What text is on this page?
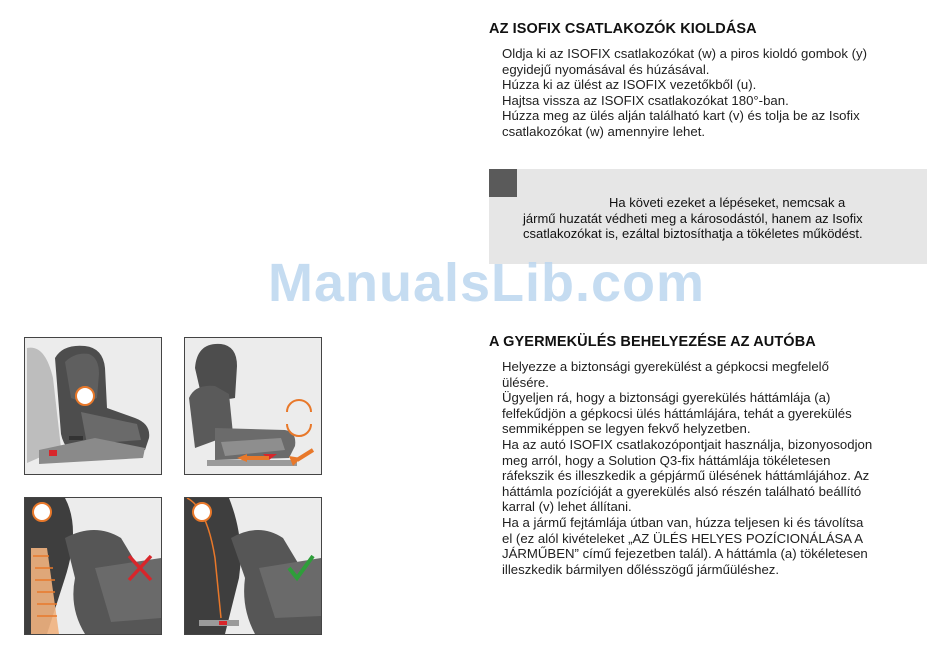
AZ ISOFIX CSATLAKOZÓK KIOLDÁSA

Oldja ki az ISOFIX csatlakozókat (w) a piros kioldó gombok (y)

egyidejű nyomásával és húzásával.

Húzza ki az ülést az ISOFIX vezetőkből (u).

Hajtsa vissza az ISOFIX csatlakozókat 180°-ban.

Húzza meg az ülés alján található kart (v) és tolja be az Isofix

csatlakozókat (w) amennyire lehet.

Ha követi ezeket a lépéseket, nemcsak a
jármű huzatát védheti meg a károsodástól, hanem az Isofix
csatlakozókat is, ezáltal biztosíthatja a tökéletes működést.
ManualsLib.com
A GYERMEKÜLÉS BEHELYEZÉSE AZ AUTÓBA

Helyezze a biztonsági gyerekülést a gépkocsi megfelelő

ülésére.

Ügyeljen rá, hogy a biztonsági gyerekülés háttámlája (a)

felfekűdjön a gépkocsi ülés háttámlájára, tehát a gyerekülés

semmiképpen se legyen fekvő helyzetben.

Ha az autó ISOFIX csatlakozópontjait használja, bizonyosodjon

meg arról, hogy a Solution Q3-fix háttámlája tökéletesen

ráfekszik és illeszkedik a gépjármű ülésének háttámlájához. Az

háttámla pozícióját a gyerekülés alsó részén található beállító

karral (v) lehet állítani.

Ha a jármű fejtámlája útban van, húzza teljesen ki és távolítsa

el (ez alól kivételeket „AZ ÜLÉS HELYES POZÍCIONÁLÁSA A

JÁRMŰBEN” című fejezetben talál). A háttámla (a) tökéletesen

illeszkedik bármilyen dőlésszögű járműüléshez.
